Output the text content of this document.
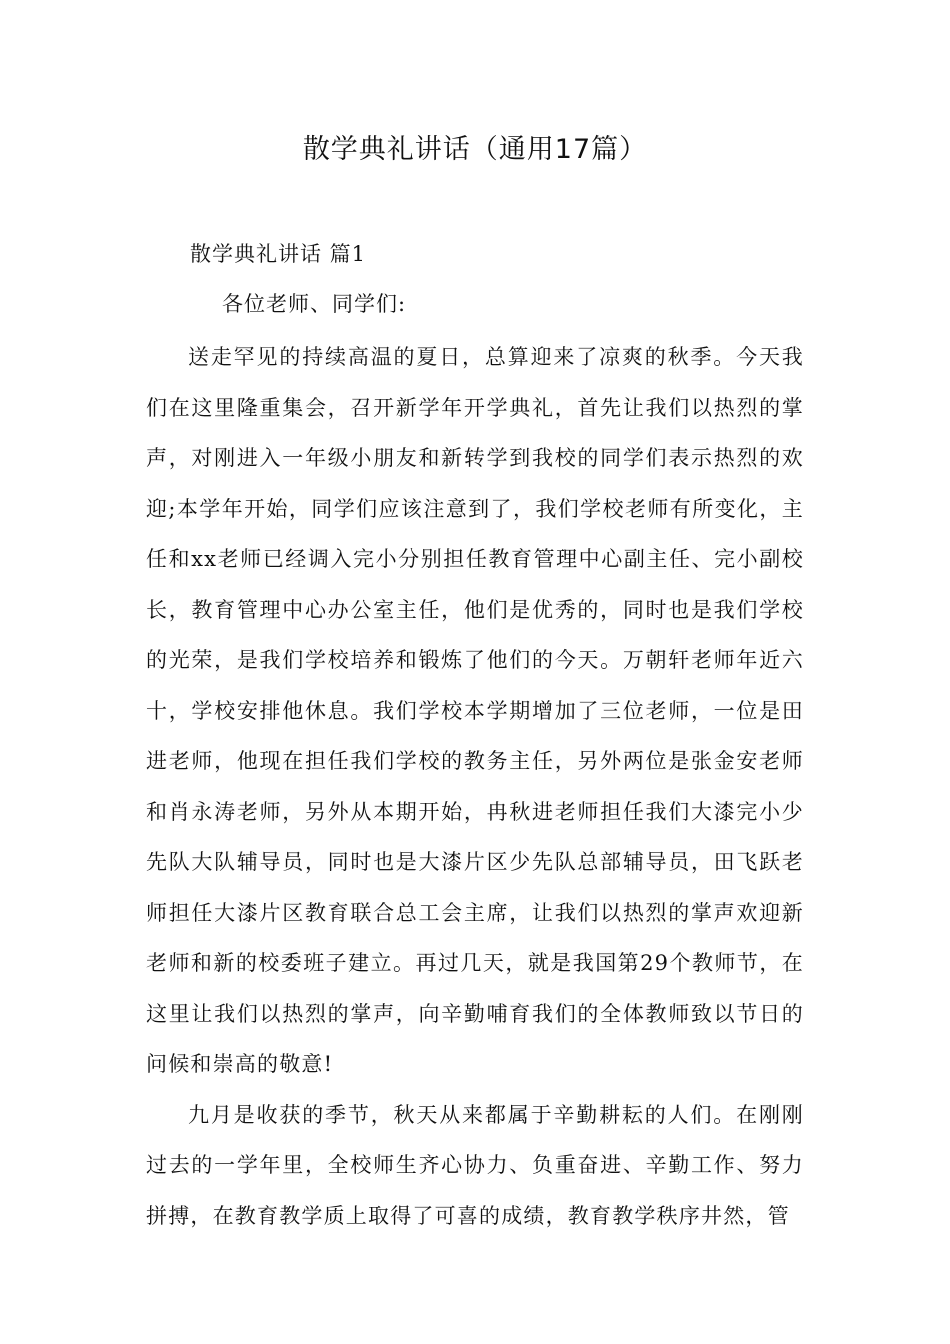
散学典礼讲话（通用17篇）
散学典礼讲话 篇1
各位老师、同学们:

送走罕见的持续高温的夏日，总算迎来了凉爽的秋季。今天我们在这里隆重集会，召开新学年开学典礼，首先让我们以热烈的掌声，对刚进入一年级小朋友和新转学到我校的同学们表示热烈的欢迎;本学年开始，同学们应该注意到了，我们学校老师有所变化，主任和xx老师已经调入完小分别担任教育管理中心副主任、完小副校长，教育管理中心办公室主任，他们是优秀的，同时也是我们学校的光荣，是我们学校培养和锻炼了他们的今天。万朝轩老师年近六十，学校安排他休息。我们学校本学期增加了三位老师，一位是田进老师，他现在担任我们学校的教务主任，另外两位是张金安老师和肖永涛老师，另外从本期开始，冉秋进老师担任我们大漆完小少先队大队辅导员，同时也是大漆片区少先队总部辅导员，田飞跃老师担任大漆片区教育联合总工会主席，让我们以热烈的掌声欢迎新老师和新的校委班子建立。再过几天，就是我国第29个教师节，在这里让我们以热烈的掌声，向辛勤哺育我们的全体教师致以节日的问候和崇高的敬意!

九月是收获的季节，秋天从来都属于辛勤耕耘的人们。在刚刚过去的一学年里，全校师生齐心协力、负重奋进、辛勤工作、努力拼搏，在教育教学质上取得了可喜的成绩，教育教学秩序井然，管
